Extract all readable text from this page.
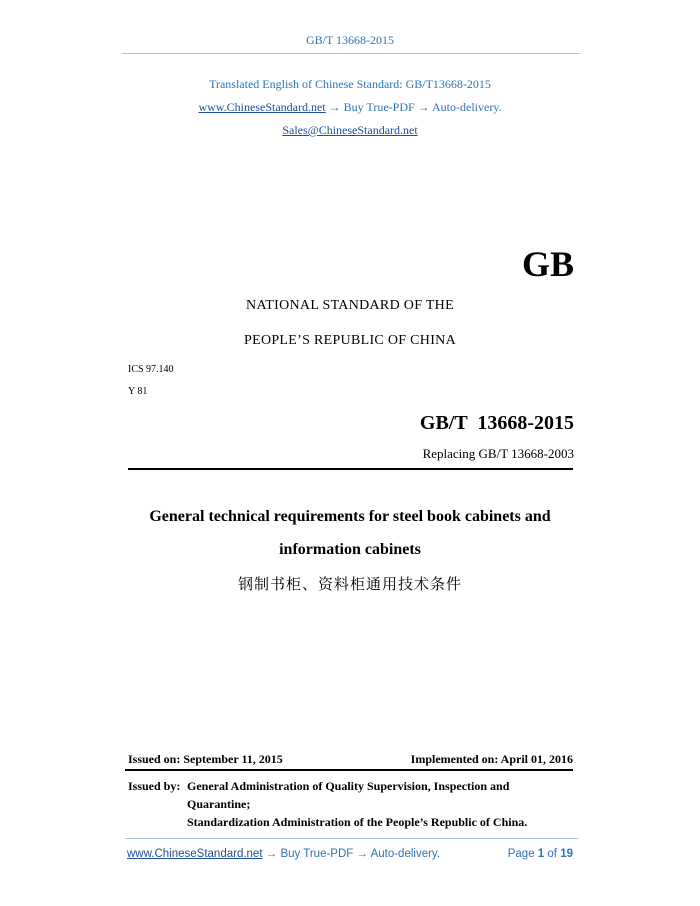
GB/T 13668-2015
Translated English of Chinese Standard: GB/T13668-2015
www.ChineseStandard.net → Buy True-PDF → Auto-delivery.
Sales@ChineseStandard.net
GB
NATIONAL STANDARD OF THE
PEOPLE’S REPUBLIC OF CHINA
ICS 97.140
Y 81
GB/T  13668-2015
Replacing GB/T 13668-2003
General technical requirements for steel book cabinets and
information cabinets
钢制书柜、资料柜通用技术条件
Issued on: September 11, 2015	Implemented on: April 01, 2016
Issued by: General Administration of Quality Supervision, Inspection and
Quarantine;
Standardization Administration of the People’s Republic of China.
www.ChineseStandard.net → Buy True-PDF → Auto-delivery.	Page 1 of 19
